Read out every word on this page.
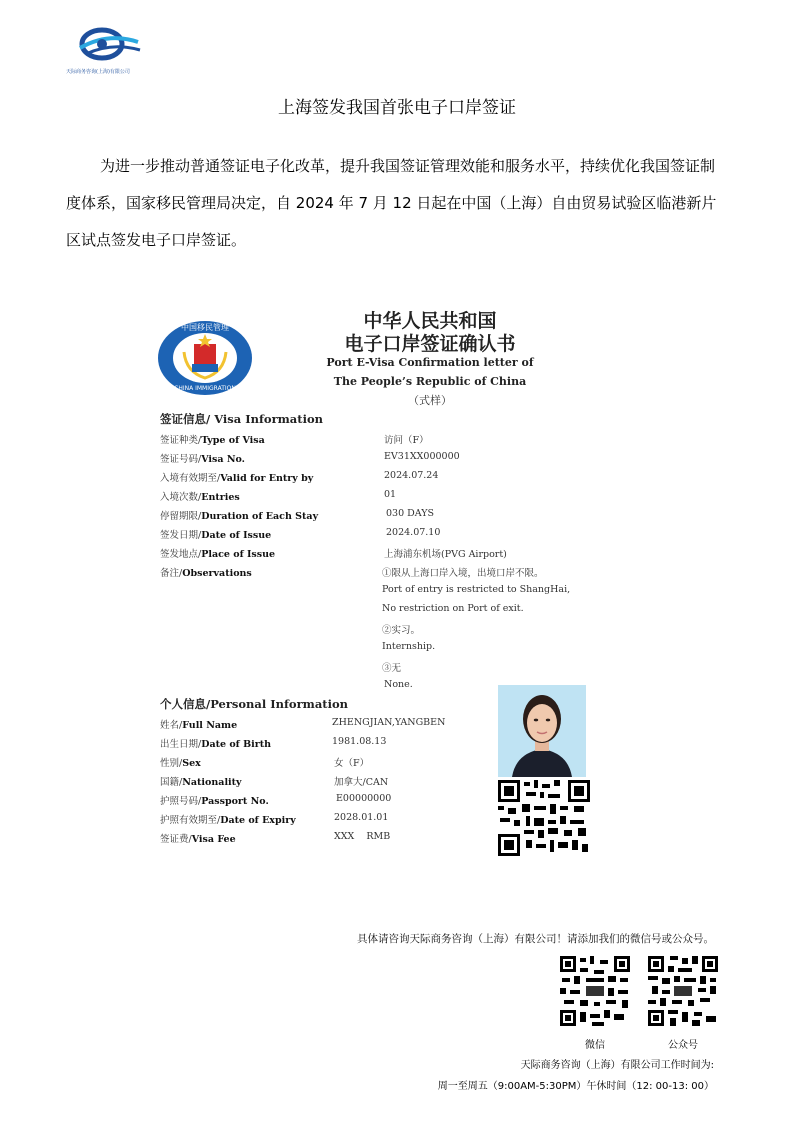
天际商务咨询(上海)有限公司
上海签发我国首张电子口岸签证
为进一步推动普通签证电子化改革，提升我国签证管理效能和服务水平，持续优化我国签证制度体系，国家移民管理局决定，自 2024 年 7 月 12 日起在中国（上海）自由贸易试验区临港新片区试点签发电子口岸签证。
中国移民管理
CHINA IMMIGRATION
中华人民共和国
电子口岸签证确认书
Port E-Visa Confirmation letter of
The People’s Republic of China
（式样）
签证信息/ Visa Information
签证种类/Type of Visa	访问（F）
签证号码/Visa No.	EV31XX000000
入境有效期至/Valid for Entry by	2024.07.24
入境次数/Entries	01
停留期限/Duration of Each Stay	030 DAYS
签发日期/Date of Issue	2024.07.10
签发地点/Place of Issue	上海浦东机场(PVG Airport)
备注/Observations	①限从上海口岸入境，出境口岸不限。
Port of entry is restricted to ShangHai,
No restriction on Port of exit.
②实习。
Internship.
③无
None.
个人信息/Personal Information
姓名/Full Name	ZHENGJIAN,YANGBEN
出生日期/Date of Birth	1981.08.13
性别/Sex	女（F）
国籍/Nationality	加拿大/CAN
护照号码/Passport No.	E00000000
护照有效期至/Date of Expiry	2028.01.01
签证费/Visa Fee	XXX    RMB
具体请咨询天际商务咨询（上海）有限公司！请添加我们的微信号或公众号。
微信	公众号
天际商务咨询（上海）有限公司工作时间为:
周一至周五（9:00AM-5:30PM）午休时间（12: 00-13: 00）
